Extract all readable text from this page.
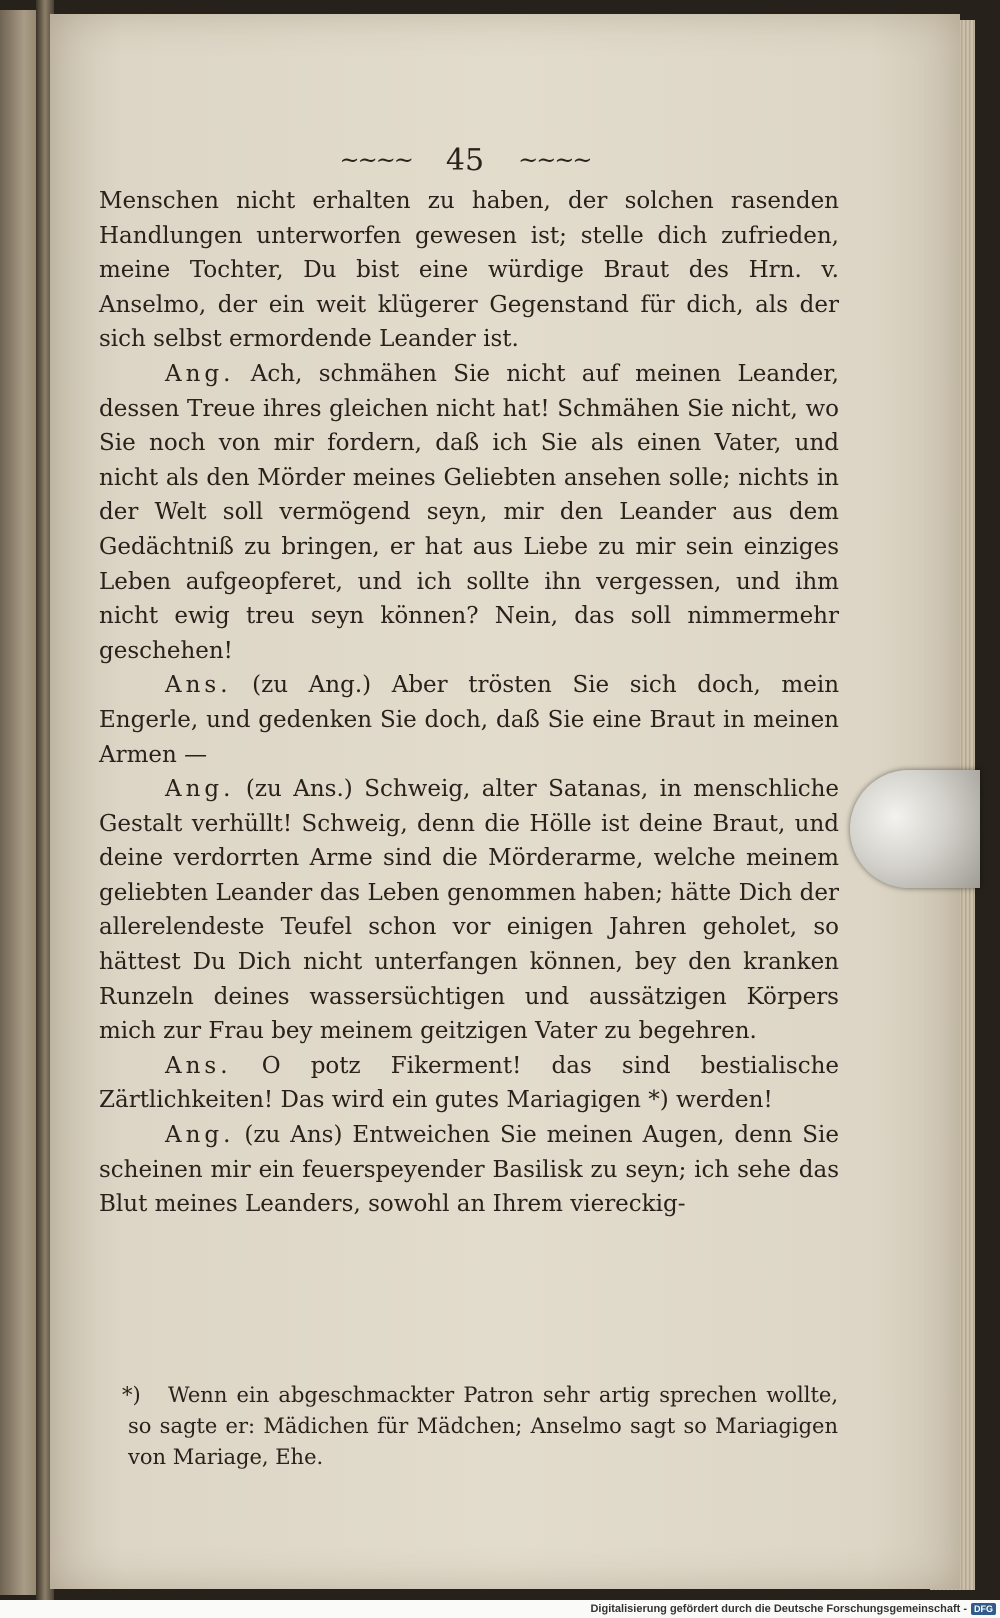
~~~~ 45 ~~~~

Menschen nicht erhalten zu haben, der solchen rasenden Handlungen unterworfen gewesen ist; stelle dich zufrieden, meine Tochter, Du bist eine würdige Braut des Hrn. v. Anselmo, der ein weit klügerer Gegenstand für dich, als der sich selbst ermordende Leander ist.

Ang. Ach, schmähen Sie nicht auf meinen Leander, dessen Treue ihres gleichen nicht hat! Schmähen Sie nicht, wo Sie noch von mir fordern, daß ich Sie als einen Vater, und nicht als den Mörder meines Geliebten ansehen solle; nichts in der Welt soll vermögend seyn, mir den Leander aus dem Gedächtniß zu bringen, er hat aus Liebe zu mir sein einziges Leben aufgeopferet, und ich sollte ihn vergessen, und ihm nicht ewig treu seyn können? Nein, das soll nimmermehr geschehen!

Ans. (zu Ang.) Aber trösten Sie sich doch, mein Engerle, und gedenken Sie doch, daß Sie eine Braut in meinen Armen —

Ang. (zu Ans.) Schweig, alter Satanas, in menschliche Gestalt verhüllt! Schweig, denn die Hölle ist deine Braut, und deine verdorrten Arme sind die Mörderarme, welche meinem geliebten Leander das Leben genommen haben; hätte Dich der allerelendeste Teufel schon vor einigen Jahren geholet, so hättest Du Dich nicht unterfangen können, bey den kranken Runzeln deines wassersüchtigen und aussätzigen Körpers mich zur Frau bey meinem geitzigen Vater zu begehren.

Ans. O potz Fikerment! das sind bestialische Zärtlichkeiten! Das wird ein gutes Mariagigen *) werden!

Ang. (zu Ans) Entweichen Sie meinen Augen, denn Sie scheinen mir ein feuerspeyender Basilisk zu seyn; ich sehe das Blut meines Leanders, sowohl an Ihrem viereckig-

*)	Wenn ein abgeschmackter Patron sehr artig sprechen wollte, so sagte er: Mädichen für Mädchen; Anselmo sagt so Mariagigen von Mariage, Ehe.
Digitalisierung gefördert durch die Deutsche Forschungsgemeinschaft - DFG
